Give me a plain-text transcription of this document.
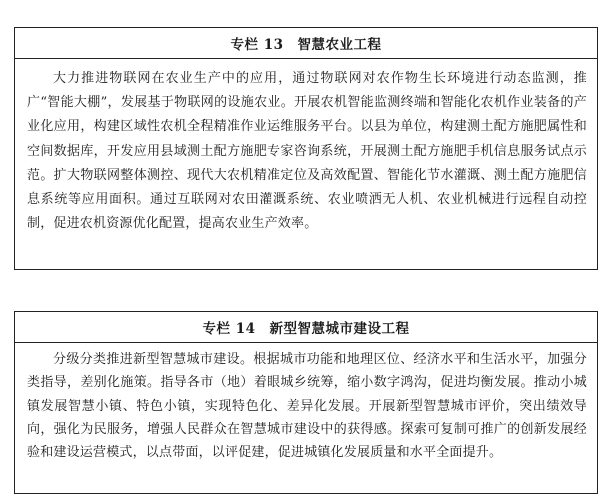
专栏 13 智慧农业工程
大力推进物联网在农业生产中的应用，通过物联网对农作物生长环境进行动态监测，推广“智能大棚”，发展基于物联网的设施农业。开展农机智能监测终端和智能化农机作业装备的产业化应用，构建区域性农机全程精准作业运维服务平台。以县为单位，构建测土配方施肥属性和空间数据库，开发应用县域测土配方施肥专家咨询系统，开展测土配方施肥手机信息服务试点示范。扩大物联网整体测控、现代大农机精准定位及高效配置、智能化节水灌溉、测土配方施肥信息系统等应用面积。通过互联网对农田灌溉系统、农业喷洒无人机、农业机械进行远程自动控制，促进农机资源优化配置，提高农业生产效率。
专栏 14 新型智慧城市建设工程
分级分类推进新型智慧城市建设。根据城市功能和地理区位、经济水平和生活水平，加强分类指导，差别化施策。指导各市（地）着眼城乡统筹，缩小数字鸿沟，促进均衡发展。推动小城镇发展智慧小镇、特色小镇，实现特色化、差异化发展。开展新型智慧城市评价，突出绩效导向，强化为民服务，增强人民群众在智慧城市建设中的获得感。探索可复制可推广的创新发展经验和建设运营模式，以点带面，以评促建，促进城镇化发展质量和水平全面提升。
